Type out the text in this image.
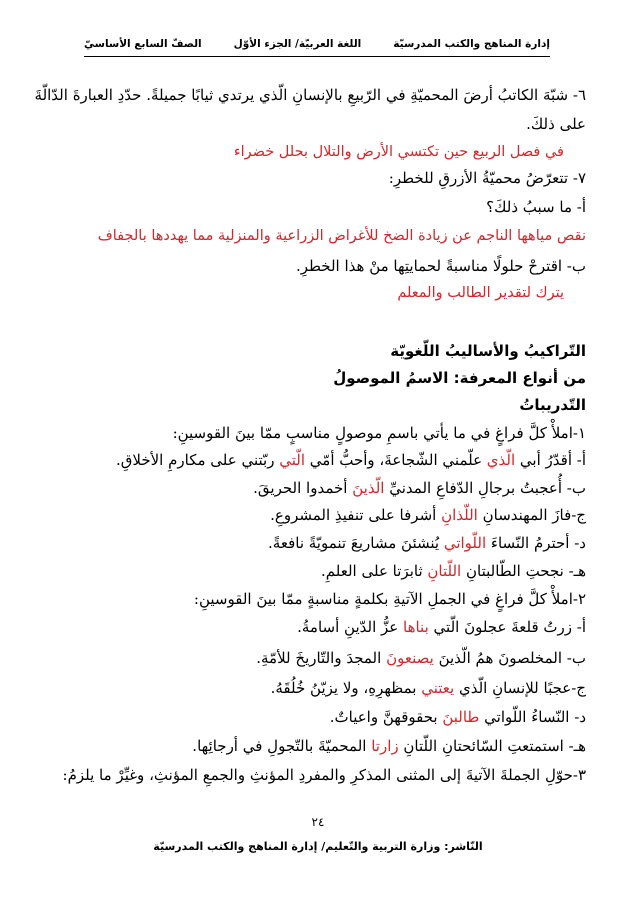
إدارة المناهج والكتب المدرسيّة
اللغة العربيّة/ الجزء الأوّل
الصفّ السابع الأساسيّ
٦- شبّهَ الكاتبُ أرضَ المحميّةِ في الرّبيعِ بالإنسانِ الّذي يرتدي ثيابًا جميلةً. حدّدِ العبارةَ الدّالّةَ
على ذلكَ.
في فصل الربيع حين تكتسي الأرض والتلال بحلل خضراء
٧- تتعرّضُ محميّةُ الأزرقِ للخطرِ:
أ- ما سببُ ذلكَ؟
نقص مياهها الناجم عن زيادة الضخ للأغراض الزراعية والمنزلية مما يهددها بالجفاف
ب- اقترحْ حلولًا مناسبةً لحمايتِها منْ هذا الخطرِ.
يترك لتقدير الطالب والمعلم
التّراكيبُ والأساليبُ اللّغويّة
من أنواع المعرفة: الاسمُ الموصولُ
التّدريباتُ
١-املأْ كلَّ فراغٍ في ما يأتي باسمِ موصولٍ مناسبٍ ممّا بينَ القوسينِ:
أ- أقدّرُ أبي الّذي علّمني الشّجاعةَ، وأحبُّ أمّي الّتي ربّتني على مكارمِ الأخلاقِ.
ب- أُعجبتُ برجالِ الدّفاعِ المدنيِّ الّذينَ أخمدوا الحريقَ.
ج-فازَ المهندسانِ اللّذانِ أشرفا على تنفيذِ المشروعِ.
د- أحترمُ النّساءَ اللّواتي يُنشئنَ مشاريعَ تنمويّةً نافعةً.
هـ- نجحتِ الطّالبتانِ اللّتانِ ثابرَتا على العلمِ.
٢-املأْ كلَّ فراغٍ في الجملِ الآتيةِ بكلمةٍ مناسبةٍ ممّا بينَ القوسينِ:
أ- زرتُ قلعةَ عجلونَ الّتي بناها عزُّ الدّينِ أسامةُ.
ب- المخلصونَ همُ الّذينَ يصنعونَ المجدَ والتّاريخَ للأمّةِ.
ج-عجبًا للإنسانِ الّذي يعتني بمظهرِهِ، ولا يزيّنُ خُلُقَهُ.
د- النّساءُ اللّواتي طالبنَ بحقوقهنَّ واعياتٌ.
هـ- استمتعتِ السّائحتانِ اللّتانِ زارتا المحميّةَ بالتّجولِ في أرجائِها.
٣-حوّلِ الجملةَ الآتيةَ إلى المثنى المذكرِ والمفردِ المؤنثِ والجمعِ المؤنثِ، وغيِّرْ ما يلزمُ:
٢٤
النّاشر: وزارة التربية والتّعليم/ إدارة المناهج والكتب المدرسيّة
